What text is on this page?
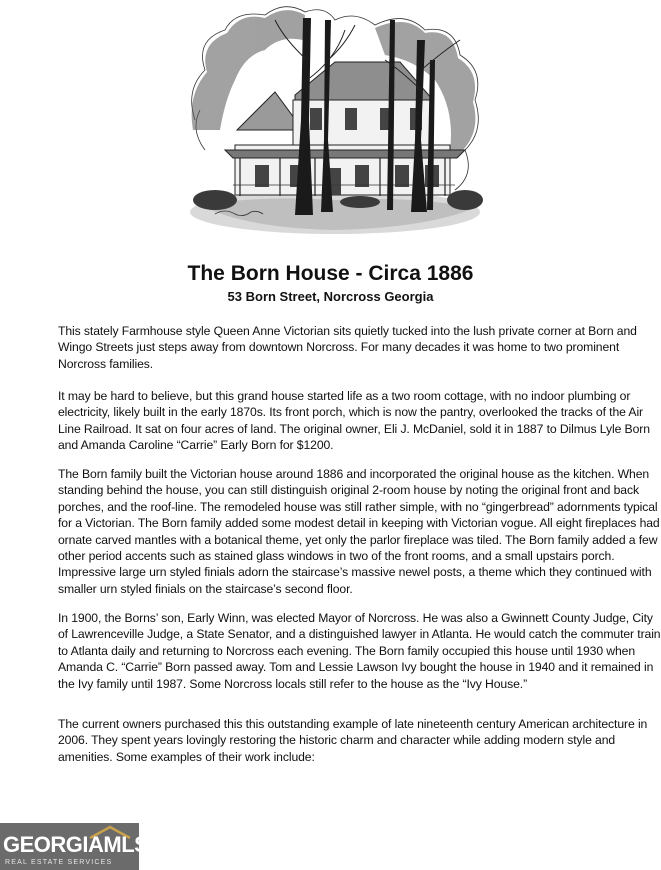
The Born House - Circa 1886
53 Born Street, Norcross Georgia

This stately Farmhouse style Queen Anne Victorian sits quietly tucked into the lush private corner at Born and Wingo Streets just steps away from downtown Norcross. For many decades it was home to two prominent Norcross families.

It may be hard to believe, but this grand house started life as a two room cottage, with no indoor plumbing or electricity, likely built in the early 1870s. Its front porch, which is now the pantry, overlooked the tracks of the Air Line Railroad. It sat on four acres of land. The original owner, Eli J. McDaniel, sold it in 1887 to Dilmus Lyle Born and Amanda Caroline “Carrie” Early Born for $1200.

The Born family built the Victorian house around 1886 and incorporated the original house as the kitchen. When standing behind the house, you can still distinguish original 2-room house by noting the original front and back porches, and the roof-line. The remodeled house was still rather simple, with no “gingerbread” adornments typical for a Victorian. The Born family added some modest detail in keeping with Victorian vogue. All eight fireplaces had ornate carved mantles with a botanical theme, yet only the parlor fireplace was tiled. The Born family added a few other period accents such as stained glass windows in two of the front rooms, and a small upstairs porch. Impressive large urn styled finials adorn the staircase’s massive newel posts, a theme which they continued with smaller urn styled finials on the staircase’s second floor.

In 1900, the Borns’ son, Early Winn, was elected Mayor of Norcross. He was also a Gwinnett County Judge, City of Lawrenceville Judge, a State Senator, and a distinguished lawyer in Atlanta. He would catch the commuter train to Atlanta daily and returning to Norcross each evening. The Born family occupied this house until 1930 when Amanda C. “Carrie” Born passed away. Tom and Lessie Lawson Ivy bought the house in 1940 and it remained in the Ivy family until 1987. Some Norcross locals still refer to the house as the “Ivy House.”

The current owners purchased this this outstanding example of late nineteenth century American architecture in 2006. They spent years lovingly restoring the historic charm and character while adding modern style and amenities. Some examples of their work include:

GEORGIAMLS
REAL ESTATE SERVICES
